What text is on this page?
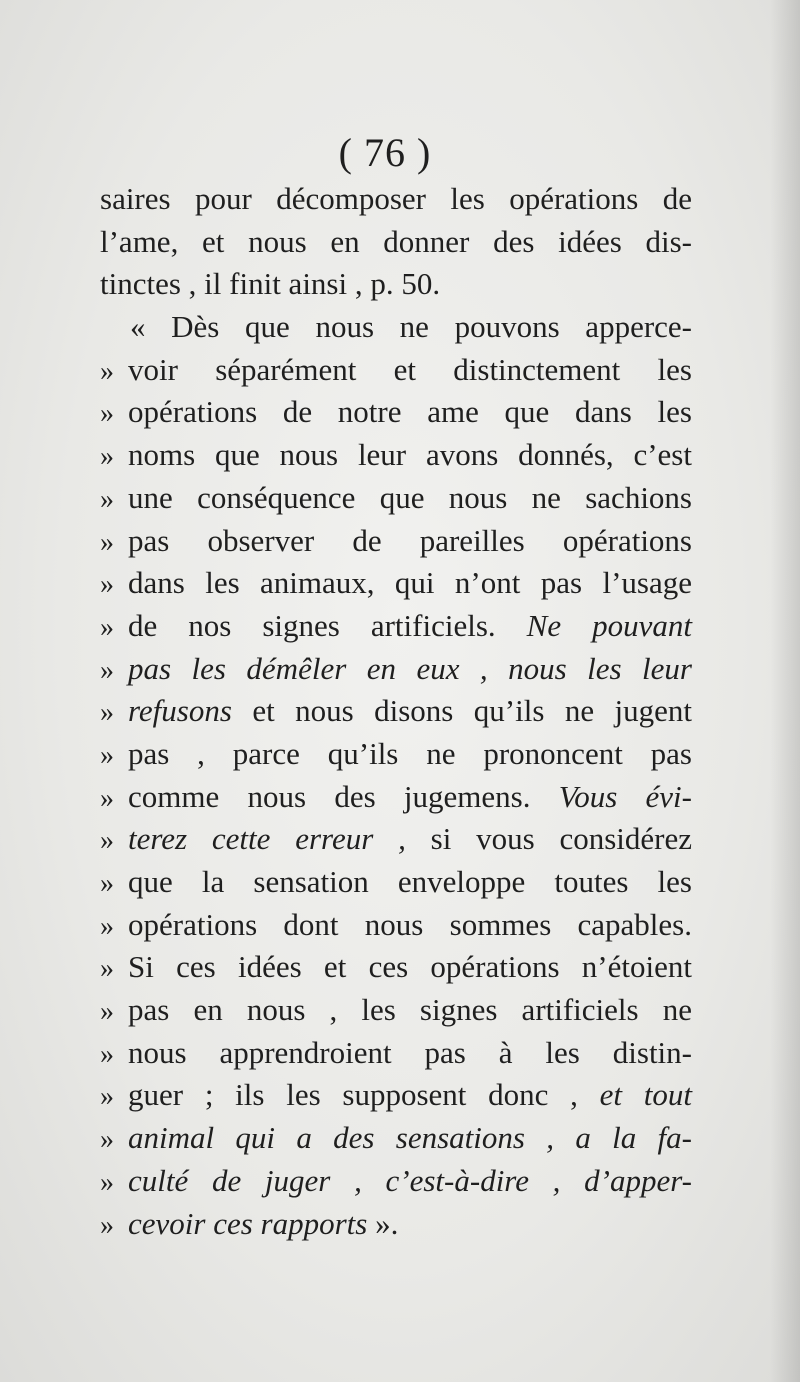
( 76 )
saires pour décomposer les opérations de
l’ame, et nous en donner des idées dis-
tinctes , il finit ainsi , p. 50.
« Dès que nous ne pouvons apperce-
» voir séparément et distinctement les
» opérations de notre ame que dans les
» noms que nous leur avons donnés, c’est
» une conséquence que nous ne sachions
» pas observer de pareilles opérations
» dans les animaux, qui n’ont pas l’usage
» de nos signes artificiels. Ne pouvant
» pas les démêler en eux , nous les leur
» refusons et nous disons qu’ils ne jugent
» pas , parce qu’ils ne prononcent pas
» comme nous des jugemens. Vous évi-
» terez cette erreur , si vous considérez
» que la sensation enveloppe toutes les
» opérations dont nous sommes capables.
» Si ces idées et ces opérations n’étoient
» pas en nous , les signes artificiels ne
» nous apprendroient pas à les distin-
» guer ; ils les supposent donc , et tout
» animal qui a des sensations , a la fa-
» culté de juger , c’est-à-dire , d’apper-
» cevoir ces rapports ».
